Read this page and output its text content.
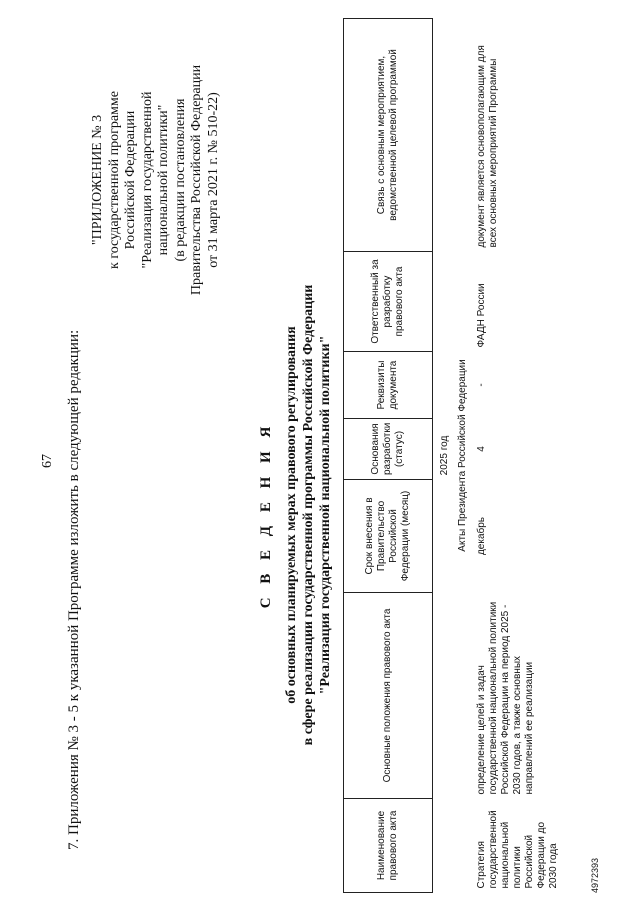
4972393
67 7. Приложения № 3 - 5 к указанной Программе изложить в следующей редакции:
"ПРИЛОЖЕНИЕ № 3 к государственной программе Российской Федерации "Реализация государственной национальной политики" (в редакции постановления Правительства Российской Федерации от 31 марта 2021 г. № 510-22)
С В Е Д Е Н И Я об основных планируемых мерах правового регулирования в сфере реализации государственной программы Российской Федерации "Реализация государственной национальной политики"
Наименование правового акта	Основные положения правового акта	Срок внесения в Правительство Российской Федерации (месяц)	Основания разработки (статус)	Реквизиты документа	Ответственный за разработку правового акта	Связь с основным мероприятием, ведомственной целевой программой
2025 год						
Акты Президента Российской Федерации						
Стратегия государственной национальной политики Российской Федерации до 2030 года	определение целей и задач государственной национальной политики Российской Федерации на период 2025 - 2030 годов, а также основных направлений ее реализации	декабрь	4	-	ФАДН России	документ является основополагающим для всех основных мероприятий Программы
